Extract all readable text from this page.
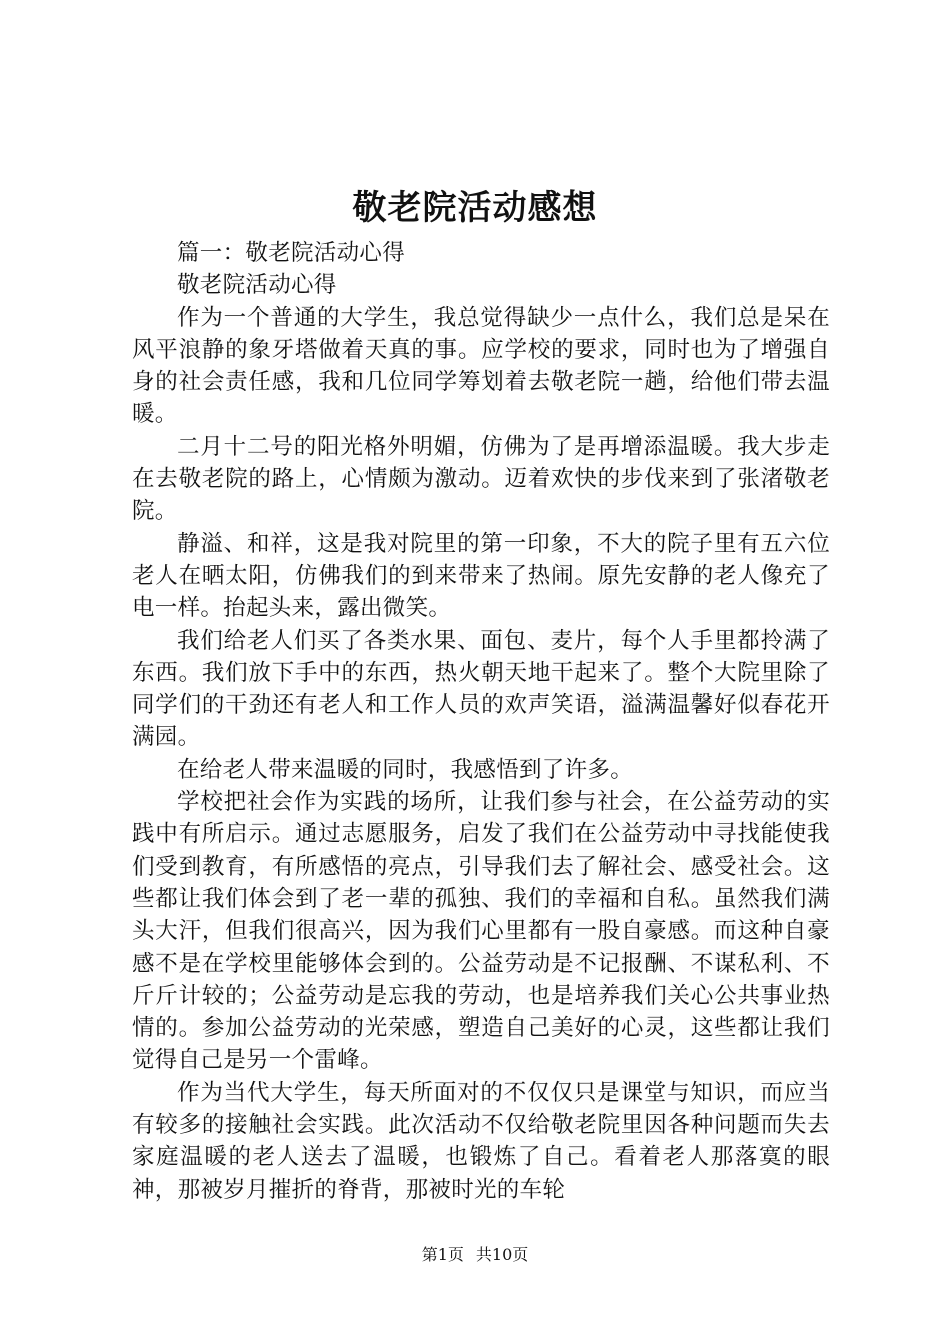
敬老院活动感想

篇一：敬老院活动心得

敬老院活动心得

作为一个普通的大学生，我总觉得缺少一点什么，我们总是呆在风平浪静的象牙塔做着天真的事。应学校的要求，同时也为了增强自身的社会责任感，我和几位同学筹划着去敬老院一趟，给他们带去温暖。

二月十二号的阳光格外明媚，仿佛为了是再增添温暖。我大步走在去敬老院的路上，心情颇为激动。迈着欢快的步伐来到了张渚敬老院。

静溢、和祥，这是我对院里的第一印象，不大的院子里有五六位老人在晒太阳，仿佛我们的到来带来了热闹。原先安静的老人像充了电一样。抬起头来，露出微笑。

我们给老人们买了各类水果、面包、麦片，每个人手里都拎满了东西。我们放下手中的东西，热火朝天地干起来了。整个大院里除了同学们的干劲还有老人和工作人员的欢声笑语，溢满温馨好似春花开满园。

在给老人带来温暖的同时，我感悟到了许多。

学校把社会作为实践的场所，让我们参与社会，在公益劳动的实践中有所启示。通过志愿服务，启发了我们在公益劳动中寻找能使我们受到教育，有所感悟的亮点，引导我们去了解社会、感受社会。这些都让我们体会到了老一辈的孤独、我们的幸福和自私。虽然我们满头大汗，但我们很高兴，因为我们心里都有一股自豪感。而这种自豪感不是在学校里能够体会到的。公益劳动是不记报酬、不谋私利、不斤斤计较的；公益劳动是忘我的劳动，也是培养我们关心公共事业热情的。参加公益劳动的光荣感，塑造自己美好的心灵，这些都让我们觉得自己是另一个雷峰。

作为当代大学生，每天所面对的不仅仅只是课堂与知识，而应当有较多的接触社会实践。此次活动不仅给敬老院里因各种问题而失去家庭温暖的老人送去了温暖，也锻炼了自己。看着老人那落寞的眼神，那被岁月摧折的脊背，那被时光的车轮

第1页 共10页
